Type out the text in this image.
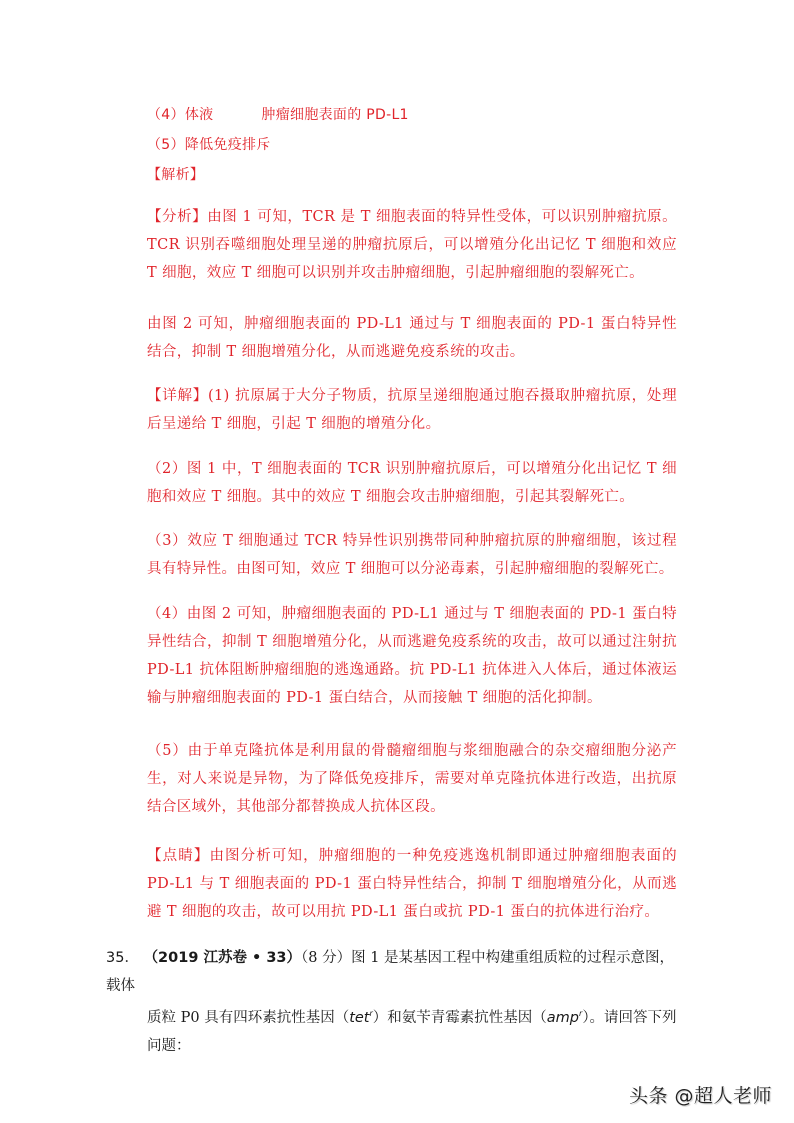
（4）体液	肿瘤细胞表面的 PD-L1
（5）降低免疫排斥
【解析】
【分析】由图 1 可知，TCR 是 T 细胞表面的特异性受体，可以识别肿瘤抗原。TCR 识别吞噬细胞处理呈递的肿瘤抗原后，可以增殖分化出记忆 T 细胞和效应 T 细胞，效应 T 细胞可以识别并攻击肿瘤细胞，引起肿瘤细胞的裂解死亡。
由图 2 可知，肿瘤细胞表面的 PD-L1 通过与 T 细胞表面的 PD-1 蛋白特异性结合，抑制 T 细胞增殖分化，从而逃避免疫系统的攻击。
【详解】(1) 抗原属于大分子物质，抗原呈递细胞通过胞吞摄取肿瘤抗原，处理后呈递给 T 细胞，引起 T 细胞的增殖分化。
（2）图 1 中，T 细胞表面的 TCR 识别肿瘤抗原后，可以增殖分化出记忆 T 细胞和效应 T 细胞。其中的效应 T 细胞会攻击肿瘤细胞，引起其裂解死亡。
（3）效应 T 细胞通过 TCR 特异性识别携带同种肿瘤抗原的肿瘤细胞，该过程具有特异性。由图可知，效应 T 细胞可以分泌毒素，引起肿瘤细胞的裂解死亡。
（4）由图 2 可知，肿瘤细胞表面的 PD-L1 通过与 T 细胞表面的 PD-1 蛋白特异性结合，抑制 T 细胞增殖分化，从而逃避免疫系统的攻击，故可以通过注射抗 PD-L1 抗体阻断肿瘤细胞的逃逸通路。抗 PD-L1 抗体进入人体后，通过体液运输与肿瘤细胞表面的 PD-1 蛋白结合，从而接触 T 细胞的活化抑制。
（5）由于单克隆抗体是利用鼠的骨髓瘤细胞与浆细胞融合的杂交瘤细胞分泌产生，对人来说是异物，为了降低免疫排斥，需要对单克隆抗体进行改造，出抗原结合区域外，其他部分都替换成人抗体区段。
【点睛】由图分析可知，肿瘤细胞的一种免疫逃逸机制即通过肿瘤细胞表面的 PD-L1 与 T 细胞表面的 PD-1 蛋白特异性结合，抑制 T 细胞增殖分化，从而逃避 T 细胞的攻击，故可以用抗 PD-L1 蛋白或抗 PD-1 蛋白的抗体进行治疗。
35． （2019 江苏卷 • 33）（8 分）图 1 是某基因工程中构建重组质粒的过程示意图，载体
质粒 P0 具有四环素抗性基因（tet$^r$）和氨苄青霉素抗性基因（amp$^r$）。请回答下列问题：
头条 @超人老师
